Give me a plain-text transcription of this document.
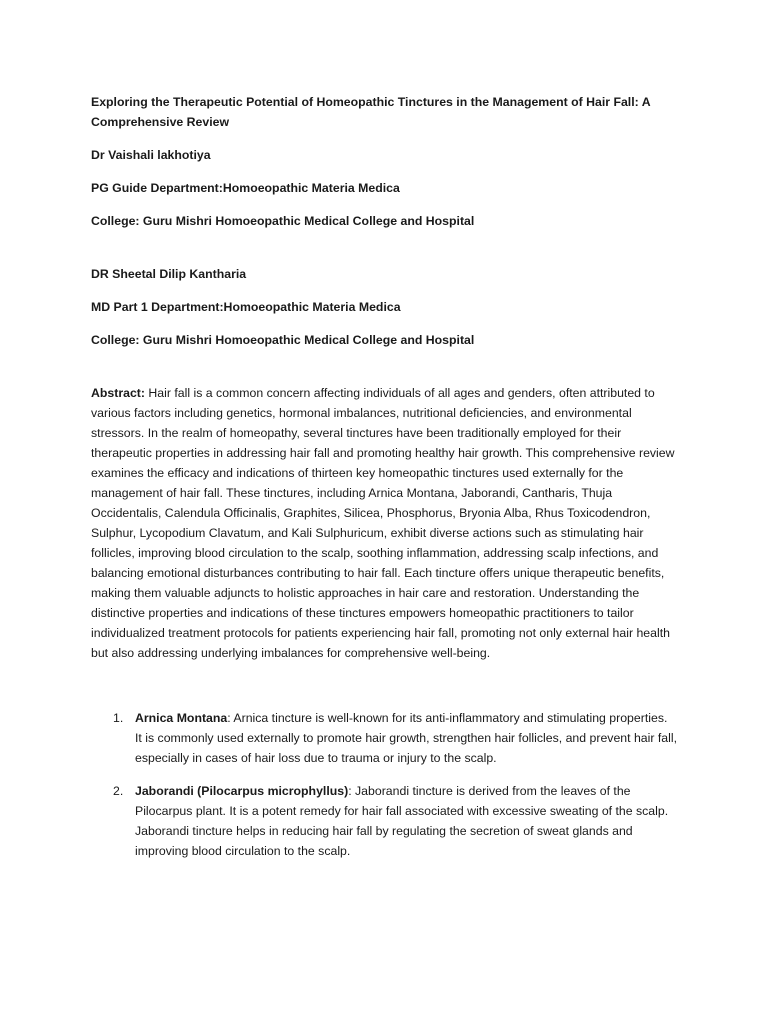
Exploring the Therapeutic Potential of Homeopathic Tinctures in the Management of Hair Fall: A Comprehensive Review

Dr Vaishali lakhotiya

PG Guide Department:Homoeopathic Materia Medica

College: Guru Mishri Homoeopathic Medical College and Hospital

DR Sheetal Dilip Kantharia

MD Part 1 Department:Homoeopathic Materia Medica

College: Guru Mishri Homoeopathic Medical College and Hospital

Abstract: Hair fall is a common concern affecting individuals of all ages and genders, often attributed to various factors including genetics, hormonal imbalances, nutritional deficiencies, and environmental stressors. In the realm of homeopathy, several tinctures have been traditionally employed for their therapeutic properties in addressing hair fall and promoting healthy hair growth. This comprehensive review examines the efficacy and indications of thirteen key homeopathic tinctures used externally for the management of hair fall. These tinctures, including Arnica Montana, Jaborandi, Cantharis, Thuja Occidentalis, Calendula Officinalis, Graphites, Silicea, Phosphorus, Bryonia Alba, Rhus Toxicodendron, Sulphur, Lycopodium Clavatum, and Kali Sulphuricum, exhibit diverse actions such as stimulating hair follicles, improving blood circulation to the scalp, soothing inflammation, addressing scalp infections, and balancing emotional disturbances contributing to hair fall. Each tincture offers unique therapeutic benefits, making them valuable adjuncts to holistic approaches in hair care and restoration. Understanding the distinctive properties and indications of these tinctures empowers homeopathic practitioners to tailor individualized treatment protocols for patients experiencing hair fall, promoting not only external hair health but also addressing underlying imbalances for comprehensive well-being.

1. Arnica Montana: Arnica tincture is well-known for its anti-inflammatory and stimulating properties. It is commonly used externally to promote hair growth, strengthen hair follicles, and prevent hair fall, especially in cases of hair loss due to trauma or injury to the scalp.
2. Jaborandi (Pilocarpus microphyllus): Jaborandi tincture is derived from the leaves of the Pilocarpus plant. It is a potent remedy for hair fall associated with excessive sweating of the scalp. Jaborandi tincture helps in reducing hair fall by regulating the secretion of sweat glands and improving blood circulation to the scalp.
